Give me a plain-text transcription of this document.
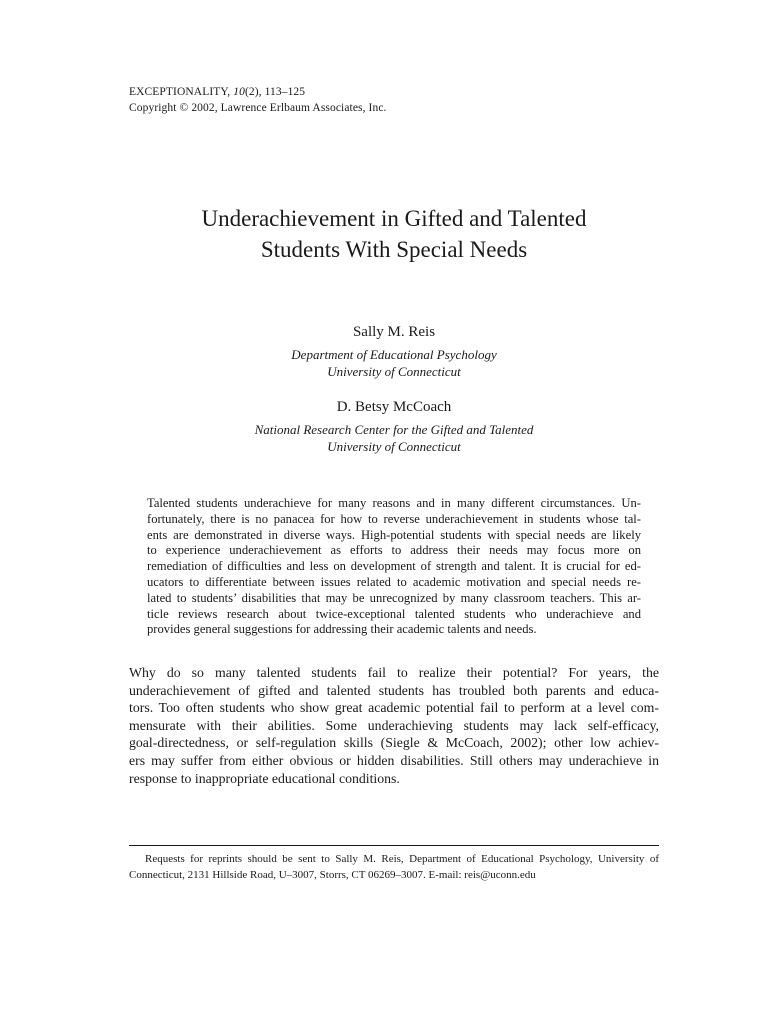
EXCEPTIONALITY, 10(2), 113–125
Copyright © 2002, Lawrence Erlbaum Associates, Inc.
Underachievement in Gifted and Talented
Students With Special Needs
Sally M. Reis
Department of Educational Psychology
University of Connecticut
D. Betsy McCoach
National Research Center for the Gifted and Talented
University of Connecticut
Talented students underachieve for many reasons and in many different circumstances. Un-
fortunately, there is no panacea for how to reverse underachievement in students whose tal-
ents are demonstrated in diverse ways. High-potential students with special needs are likely
to experience underachievement as efforts to address their needs may focus more on
remediation of difficulties and less on development of strength and talent. It is crucial for ed-
ucators to differentiate between issues related to academic motivation and special needs re-
lated to students’ disabilities that may be unrecognized by many classroom teachers. This ar-
ticle reviews research about twice-exceptional talented students who underachieve and
provides general suggestions for addressing their academic talents and needs.
Why do so many talented students fail to realize their potential? For years, the
underachievement of gifted and talented students has troubled both parents and educa-
tors. Too often students who show great academic potential fail to perform at a level com-
mensurate with their abilities. Some underachieving students may lack self-efficacy,
goal-directedness, or self-regulation skills (Siegle & McCoach, 2002); other low achiev-
ers may suffer from either obvious or hidden disabilities. Still others may underachieve in
response to inappropriate educational conditions.
Requests for reprints should be sent to Sally M. Reis, Department of Educational Psychology, University of
Connecticut, 2131 Hillside Road, U–3007, Storrs, CT 06269–3007. E-mail: reis@uconn.edu
